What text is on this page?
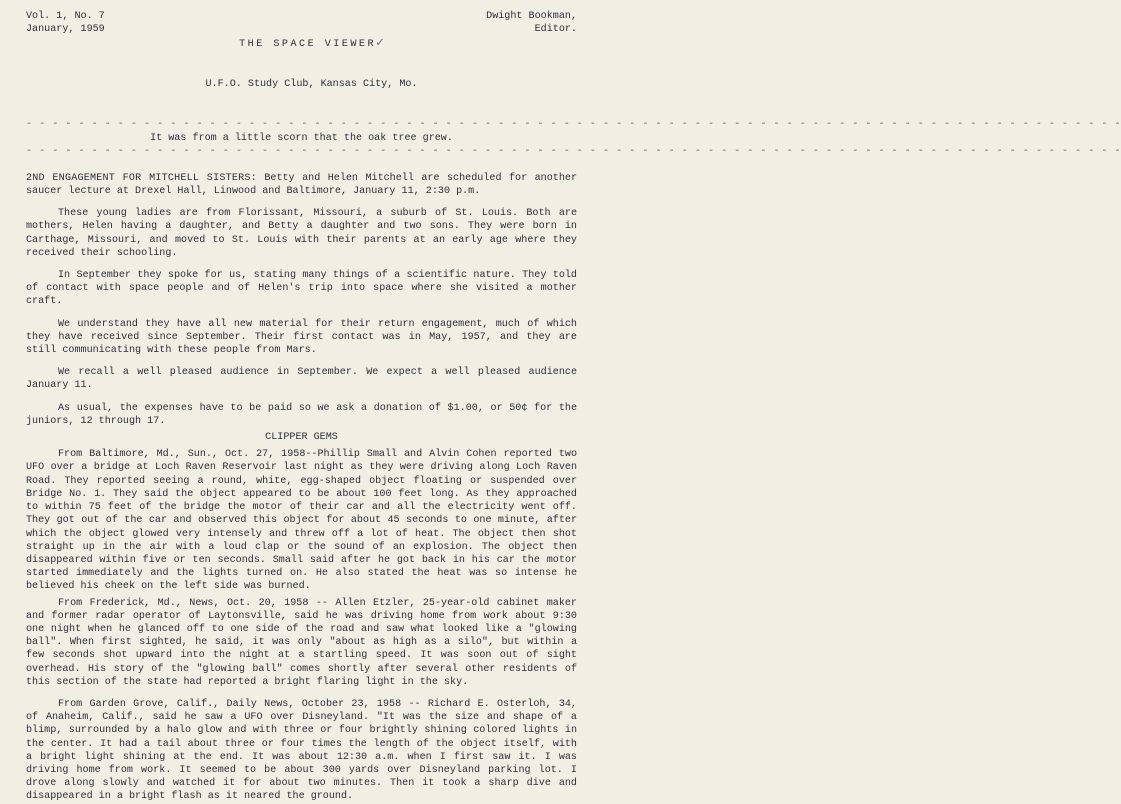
Vol. 1, No. 7
January, 1959

THE SPACE VIEWER✓

U.F.O. Study Club, Kansas City, Mo.

Dwight Bookman,
Editor.
- - - - - - - - - - - - - - - - - - - - - - - - - - - - - - - - - - - - - - - - - - - - - - - - - - - - - - - - - - - - - - - - - - - - - - - - - - - - - - - - - - - -
It was from a little scorn that the oak tree grew.
- - - - - - - - - - - - - - - - - - - - - - - - - - - - - - - - - - - - - - - - - - - - - - - - - - - - - - - - - - - - - - - - - - - - - - - - - - - - - - - - - - - -

2ND ENGAGEMENT FOR MITCHELL SISTERS: Betty and Helen Mitchell are scheduled for another saucer lecture at Drexel Hall, Linwood and Baltimore, January 11, 2:30 p.m.

These young ladies are from Florissant, Missouri, a suburb of St. Louis. Both are mothers, Helen having a daughter, and Betty a daughter and two sons. They were born in Carthage, Missouri, and moved to St. Louis with their parents at an early age where they received their schooling.

In September they spoke for us, stating many things of a scientific nature. They told of contact with space people and of Helen's trip into space where she visited a mother craft.

We understand they have all new material for their return engagement, much of which they have received since September. Their first contact was in May, 1957, and they are still communicating with these people from Mars.

We recall a well pleased audience in September. We expect a well pleased audience January 11.

As usual, the expenses have to be paid so we ask a donation of $1.00, or 50¢ for the juniors, 12 through 17.

CLIPPER GEMS

From Baltimore, Md., Sun., Oct. 27, 1958--Phillip Small and Alvin Cohen reported two UFO over a bridge at Loch Raven Reservoir last night as they were driving along Loch Raven Road. They reported seeing a round, white, egg-shaped object floating or suspended over Bridge No. 1. They said the object appeared to be about 100 feet long. As they approached to within 75 feet of the bridge the motor of their car and all the electricity went off. They got out of the car and observed this object for about 45 seconds to one minute, after which the object glowed very intensely and threw off a lot of heat. The object then shot straight up in the air with a loud clap or the sound of an explosion. The object then disappeared within five or ten seconds. Small said after he got back in his car the motor started immediately and the lights turned on. He also stated the heat was so intense he believed his cheek on the left side was burned.

From Frederick, Md., News, Oct. 20, 1958 -- Allen Etzler, 25-year-old cabinet maker and former radar operator of Laytonsville, said he was driving home from work about 9:30 one night when he glanced off to one side of the road and saw what looked like a "glowing ball". When first sighted, he said, it was only "about as high as a silo", but within a few seconds shot upward into the night at a startling speed. It was soon out of sight overhead. His story of the "glowing ball" comes shortly after several other residents of this section of the state had reported a bright flaring light in the sky.

From Garden Grove, Calif., Daily News, October 23, 1958 -- Richard E. Osterloh, 34, of Anaheim, Calif., said he saw a UFO over Disneyland. "It was the size and shape of a blimp, surrounded by a halo glow and with three or four brightly shining colored lights in the center. It had a tail about three or four times the length of the object itself, with a bright light shining at the end. It was about 12:30 a.m. when I first saw it. I was driving home from work. It seemed to be about 300 yards over Disneyland parking lot. I drove along slowly and watched it for about two minutes. Then it took a sharp dive and disappeared in a bright flash as it neared the ground.
